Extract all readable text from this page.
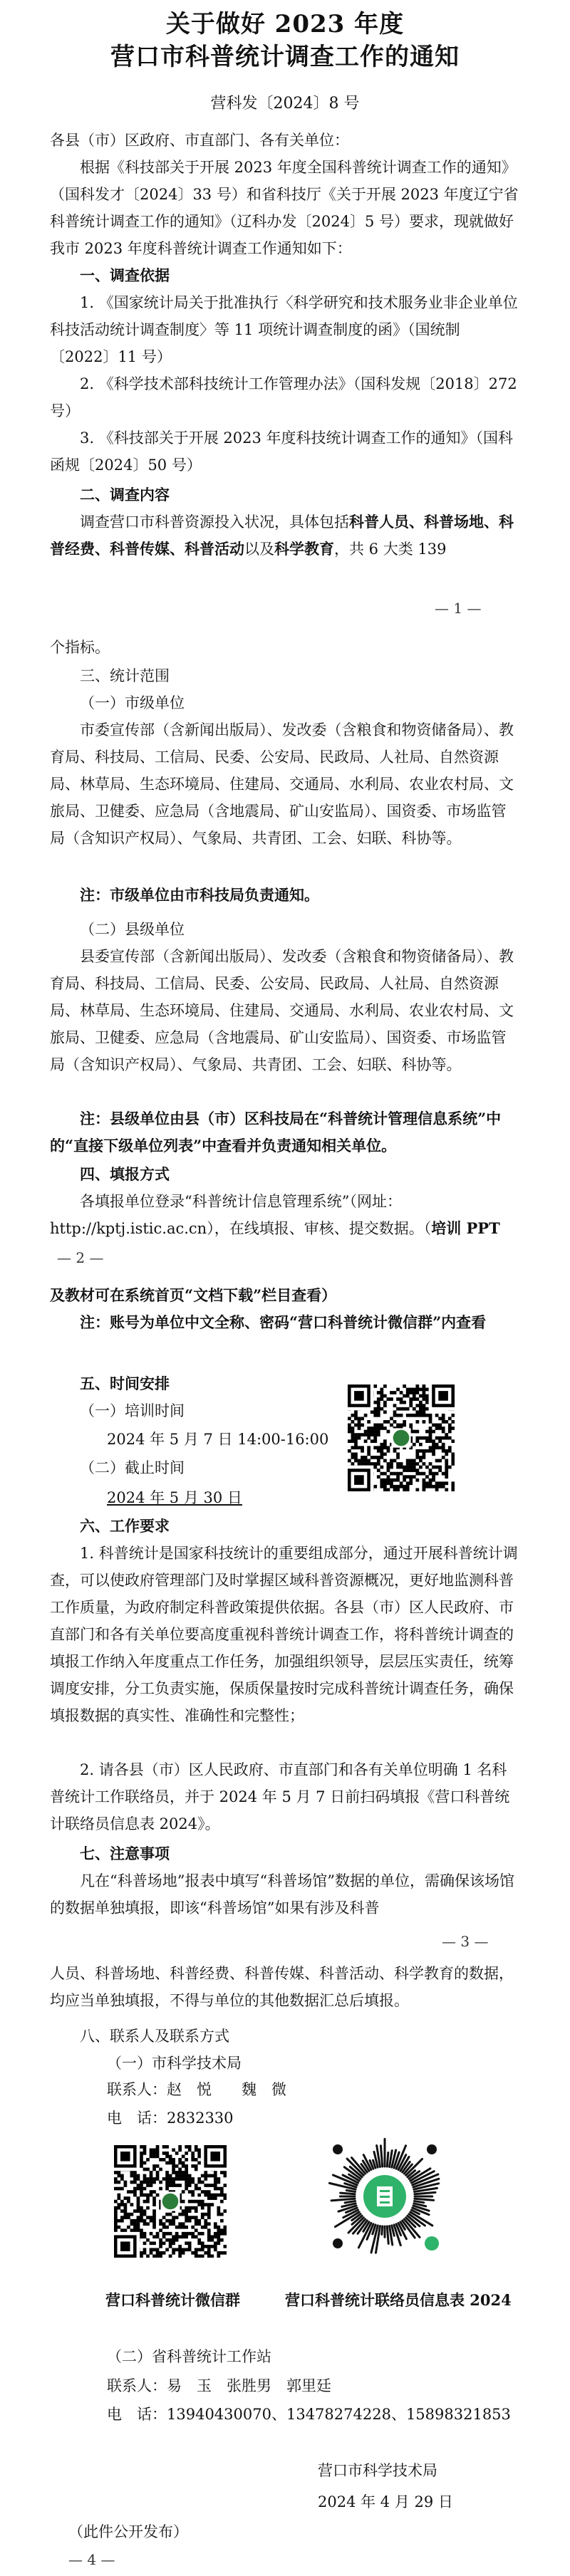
关于做好 2023 年度
营口市科普统计调查工作的通知
营科发〔2024〕8 号
各县（市）区政府、市直部门、各有关单位：
根据《科技部关于开展 2023 年度全国科普统计调查工作的通知》（国科发才〔2024〕33 号）和省科技厅《关于开展 2023 年度辽宁省科普统计调查工作的通知》（辽科办发〔2024〕5 号）要求，现就做好我市 2023 年度科普统计调查工作通知如下：
一、调查依据
1. 《国家统计局关于批准执行〈科学研究和技术服务业非企业单位科技活动统计调查制度〉等 11 项统计调查制度的函》（国统制〔2022〕11 号）
2. 《科学技术部科技统计工作管理办法》（国科发规〔2018〕272 号）
3. 《科技部关于开展 2023 年度科技统计调查工作的通知》（国科函规〔2024〕50 号）
二、调查内容
调查营口市科普资源投入状况，具体包括科普人员、科普场地、科普经费、科普传媒、科普活动以及科学教育，共 6 大类 139
— 1 —
个指标。
三、统计范围
（一）市级单位
市委宣传部（含新闻出版局）、发改委（含粮食和物资储备局）、教育局、科技局、工信局、民委、公安局、民政局、人社局、自然资源局、林草局、生态环境局、住建局、交通局、水利局、农业农村局、文旅局、卫健委、应急局（含地震局、矿山安监局）、国资委、市场监管局（含知识产权局）、气象局、共青团、工会、妇联、科协等。
注：市级单位由市科技局负责通知。
（二）县级单位
县委宣传部（含新闻出版局）、发改委（含粮食和物资储备局）、教育局、科技局、工信局、民委、公安局、民政局、人社局、自然资源局、林草局、生态环境局、住建局、交通局、水利局、农业农村局、文旅局、卫健委、应急局（含地震局、矿山安监局）、国资委、市场监管局（含知识产权局）、气象局、共青团、工会、妇联、科协等。
注：县级单位由县（市）区科技局在“科普统计管理信息系统”中的“直接下级单位列表”中查看并负责通知相关单位。
四、填报方式
各填报单位登录“科普统计信息管理系统”（网址：http://kptj.istic.ac.cn），在线填报、审核、提交数据。（培训 PPT
— 2 —
及教材可在系统首页“文档下载”栏目查看）
注：账号为单位中文全称、密码“营口科普统计微信群”内查看
五、时间安排
（一）培训时间
2024 年 5 月 7 日 14:00-16:00
（二）截止时间
2024 年 5 月 30 日
六、工作要求
1. 科普统计是国家科技统计的重要组成部分，通过开展科普统计调查，可以使政府管理部门及时掌握区域科普资源概况，更好地监测科普工作质量，为政府制定科普政策提供依据。各县（市）区人民政府、市直部门和各有关单位要高度重视科普统计调查工作，将科普统计调查的填报工作纳入年度重点工作任务，加强组织领导，层层压实责任，统筹调度安排，分工负责实施，保质保量按时完成科普统计调查任务，确保填报数据的真实性、准确性和完整性；
2. 请各县（市）区人民政府、市直部门和各有关单位明确 1 名科普统计工作联络员，并于 2024 年 5 月 7 日前扫码填报《营口科普统计联络员信息表 2024》。
七、注意事项
凡在“科普场地”报表中填写“科普场馆”数据的单位，需确保该场馆的数据单独填报，即该“科普场馆”如果有涉及科普
— 3 —
人员、科普场地、科普经费、科普传媒、科普活动、科学教育的数据，均应当单独填报，不得与单位的其他数据汇总后填报。
八、联系人及联系方式
（一）市科学技术局
联系人：赵　悦　　魏　微
电　话：2832330
营口科普统计微信群	营口科普统计联络员信息表 2024
（二）省科普统计工作站
联系人：易　玉　张胜男　郭里廷
电　话：13940430070、13478274228、15898321853
营口市科学技术局
2024 年 4 月 29 日
（此件公开发布）
— 4 —
